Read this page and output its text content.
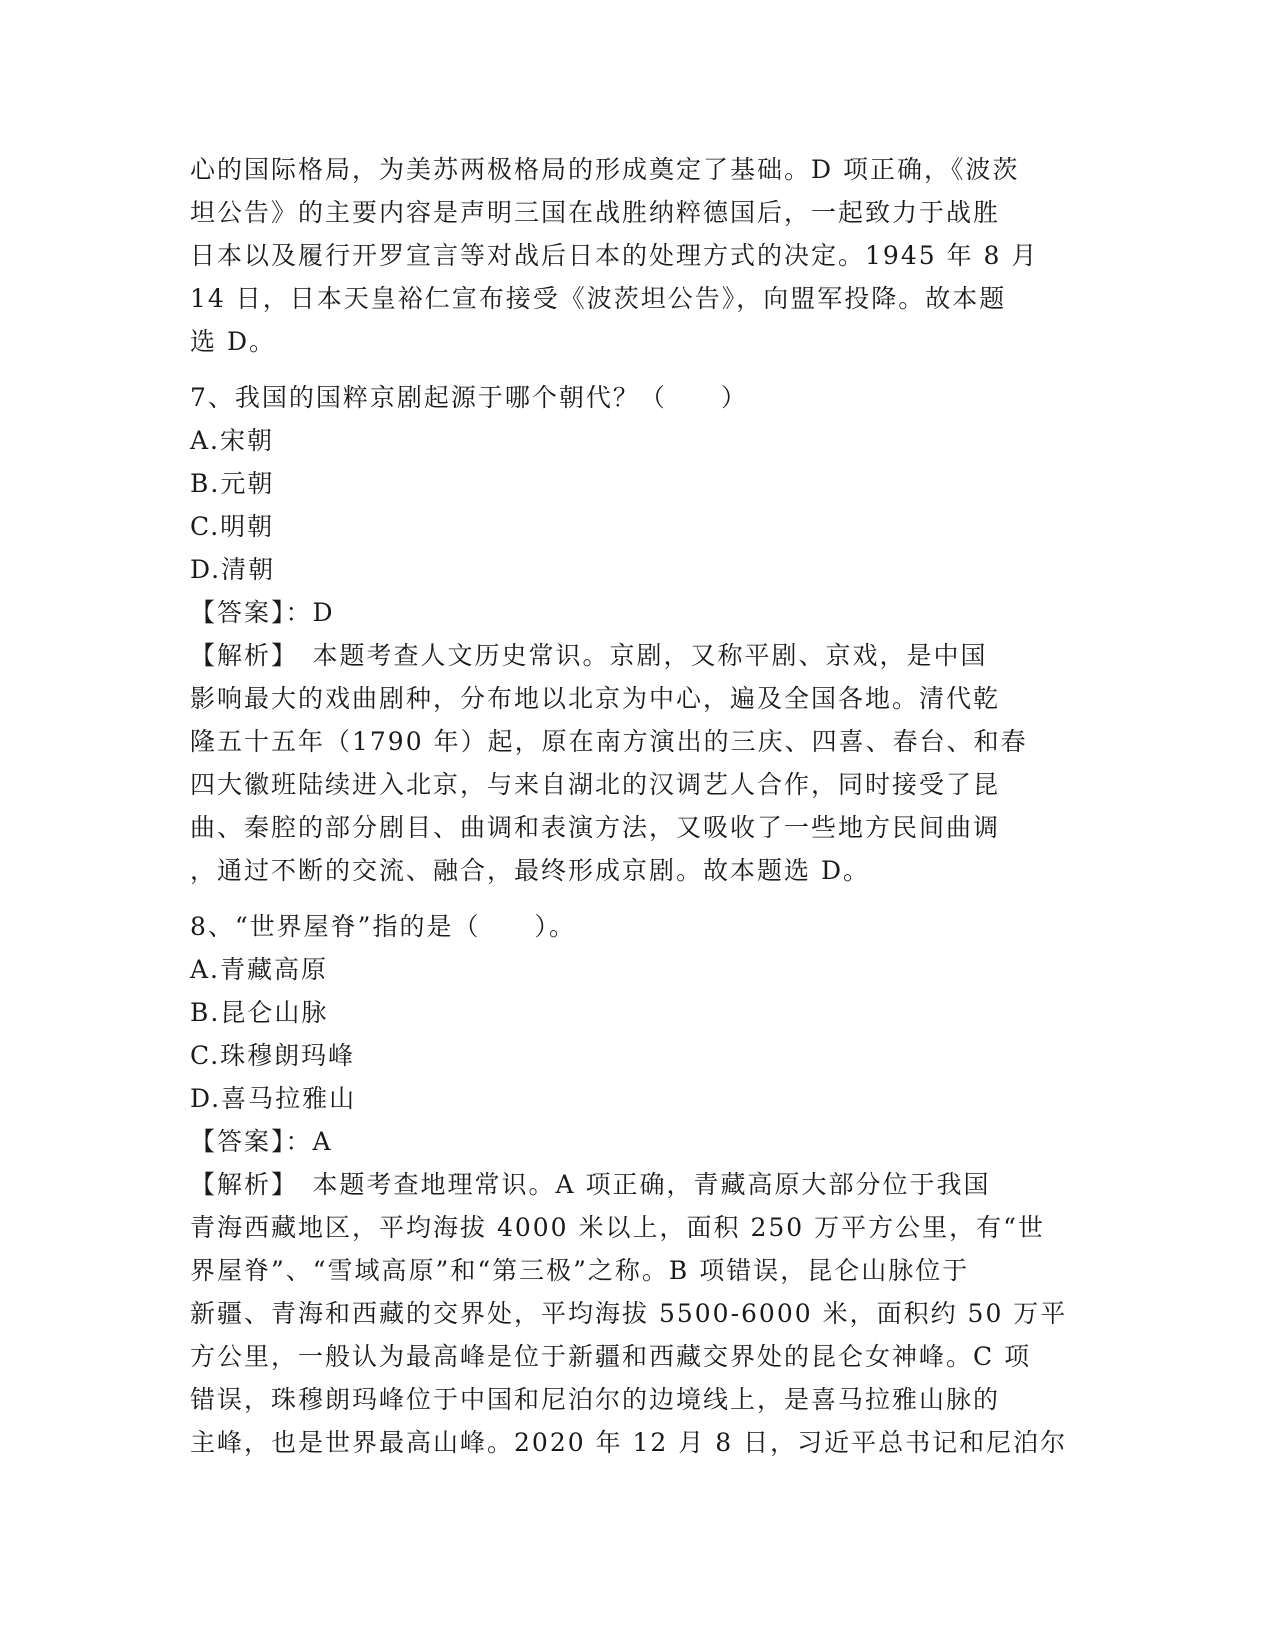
心的国际格局，为美苏两极格局的形成奠定了基础。D 项正确，《波茨
坦公告》的主要内容是声明三国在战胜纳粹德国后，一起致力于战胜
日本以及履行开罗宣言等对战后日本的处理方式的决定。1945 年 8 月
14 日，日本天皇裕仁宣布接受《波茨坦公告》，向盟军投降。故本题
选 D。
7、我国的国粹京剧起源于哪个朝代？（　　）
A.宋朝
B.元朝
C.明朝
D.清朝
【答案】：D
【解析】　本题考查人文历史常识。京剧，又称平剧、京戏，是中国
影响最大的戏曲剧种，分布地以北京为中心，遍及全国各地。清代乾
隆五十五年（1790 年）起，原在南方演出的三庆、四喜、春台、和春
四大徽班陆续进入北京，与来自湖北的汉调艺人合作，同时接受了昆
曲、秦腔的部分剧目、曲调和表演方法，又吸收了一些地方民间曲调
，通过不断的交流、融合，最终形成京剧。故本题选 D。
8、“世界屋脊”指的是（　　）。
A.青藏高原
B.昆仑山脉
C.珠穆朗玛峰
D.喜马拉雅山
【答案】：A
【解析】　本题考查地理常识。A 项正确，青藏高原大部分位于我国
青海西藏地区，平均海拔 4000 米以上，面积 250 万平方公里，有“世
界屋脊”、“雪域高原”和“第三极”之称。B 项错误，昆仑山脉位于
新疆、青海和西藏的交界处，平均海拔 5500-6000 米，面积约 50 万平
方公里，一般认为最高峰是位于新疆和西藏交界处的昆仑女神峰。C 项
错误，珠穆朗玛峰位于中国和尼泊尔的边境线上，是喜马拉雅山脉的
主峰，也是世界最高山峰。2020 年 12 月 8 日，习近平总书记和尼泊尔
